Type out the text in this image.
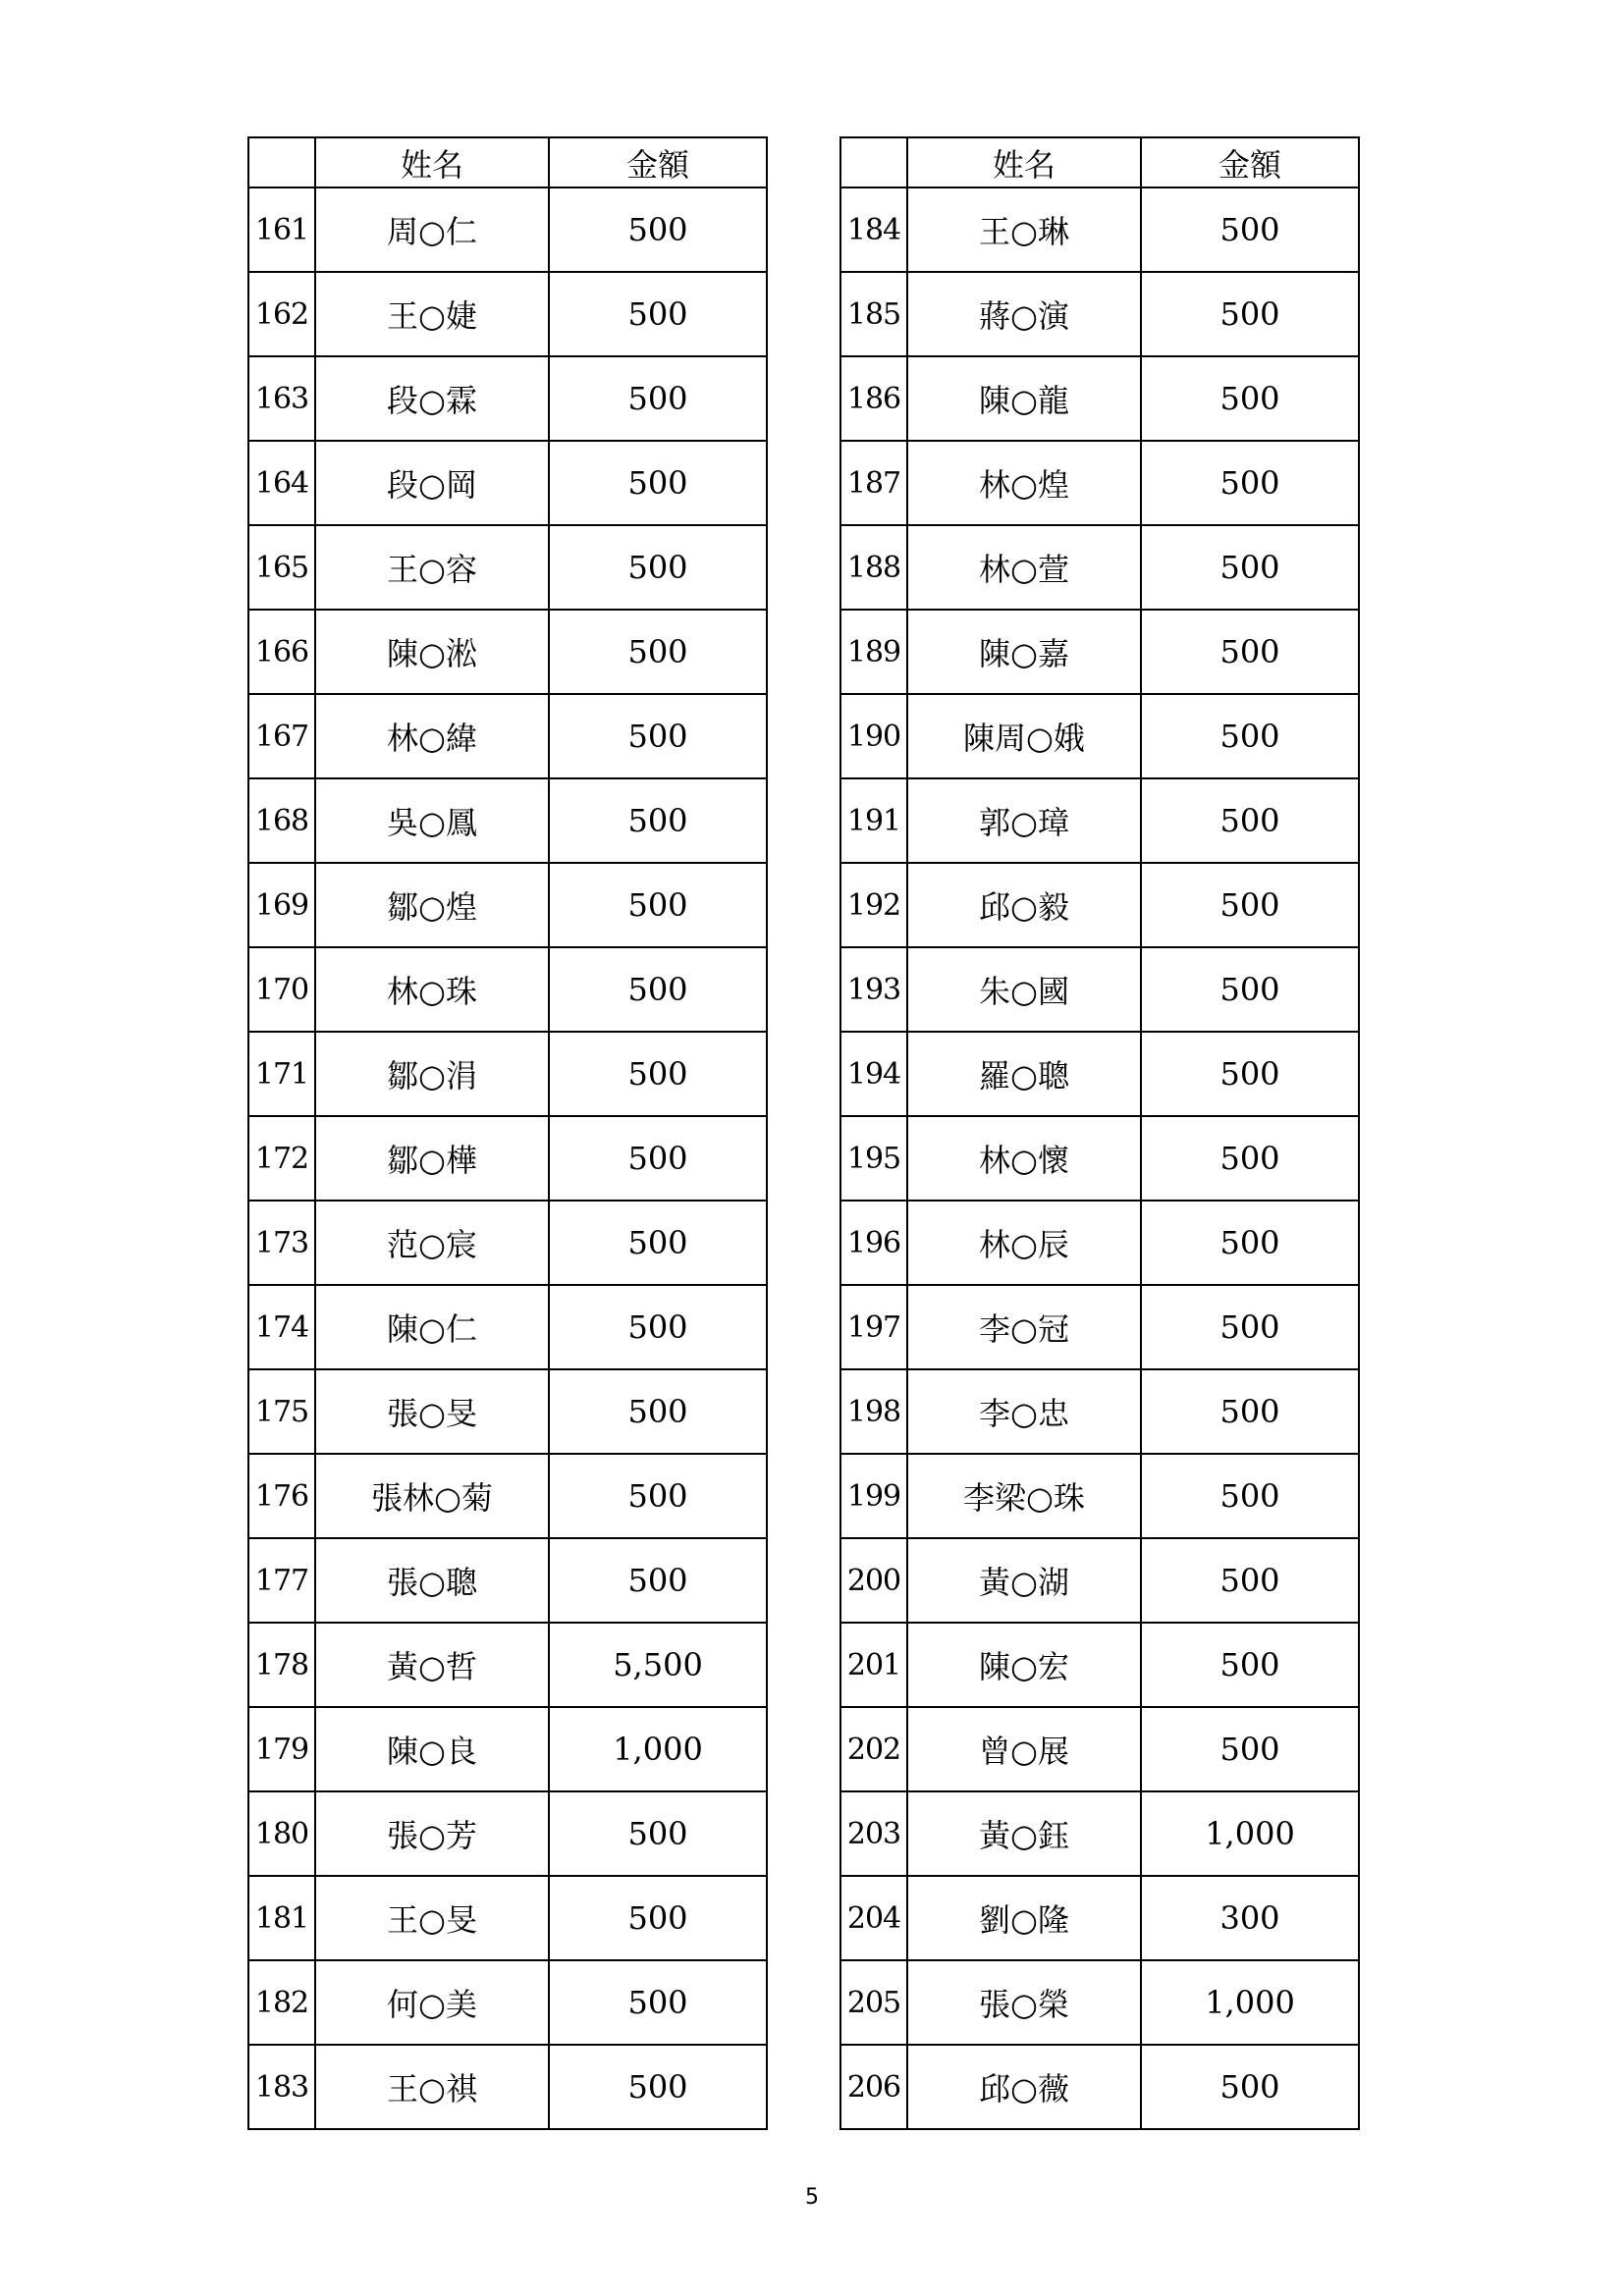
	姓名	金額
161	周○仁	500
162	王○婕	500
163	段○霖	500
164	段○岡	500
165	王○容	500
166	陳○淞	500
167	林○緯	500
168	吳○鳳	500
169	鄒○煌	500
170	林○珠	500
171	鄒○涓	500
172	鄒○樺	500
173	范○宸	500
174	陳○仁	500
175	張○旻	500
176	張林○菊	500
177	張○聰	500
178	黃○哲	5,500
179	陳○良	1,000
180	張○芳	500
181	王○旻	500
182	何○美	500
183	王○祺	500
	姓名	金額
184	王○琳	500
185	蔣○演	500
186	陳○龍	500
187	林○煌	500
188	林○萱	500
189	陳○嘉	500
190	陳周○娥	500
191	郭○璋	500
192	邱○毅	500
193	朱○國	500
194	羅○聰	500
195	林○懷	500
196	林○辰	500
197	李○冠	500
198	李○忠	500
199	李梁○珠	500
200	黃○湖	500
201	陳○宏	500
202	曾○展	500
203	黃○鈺	1,000
204	劉○隆	300
205	張○榮	1,000
206	邱○薇	500
5
